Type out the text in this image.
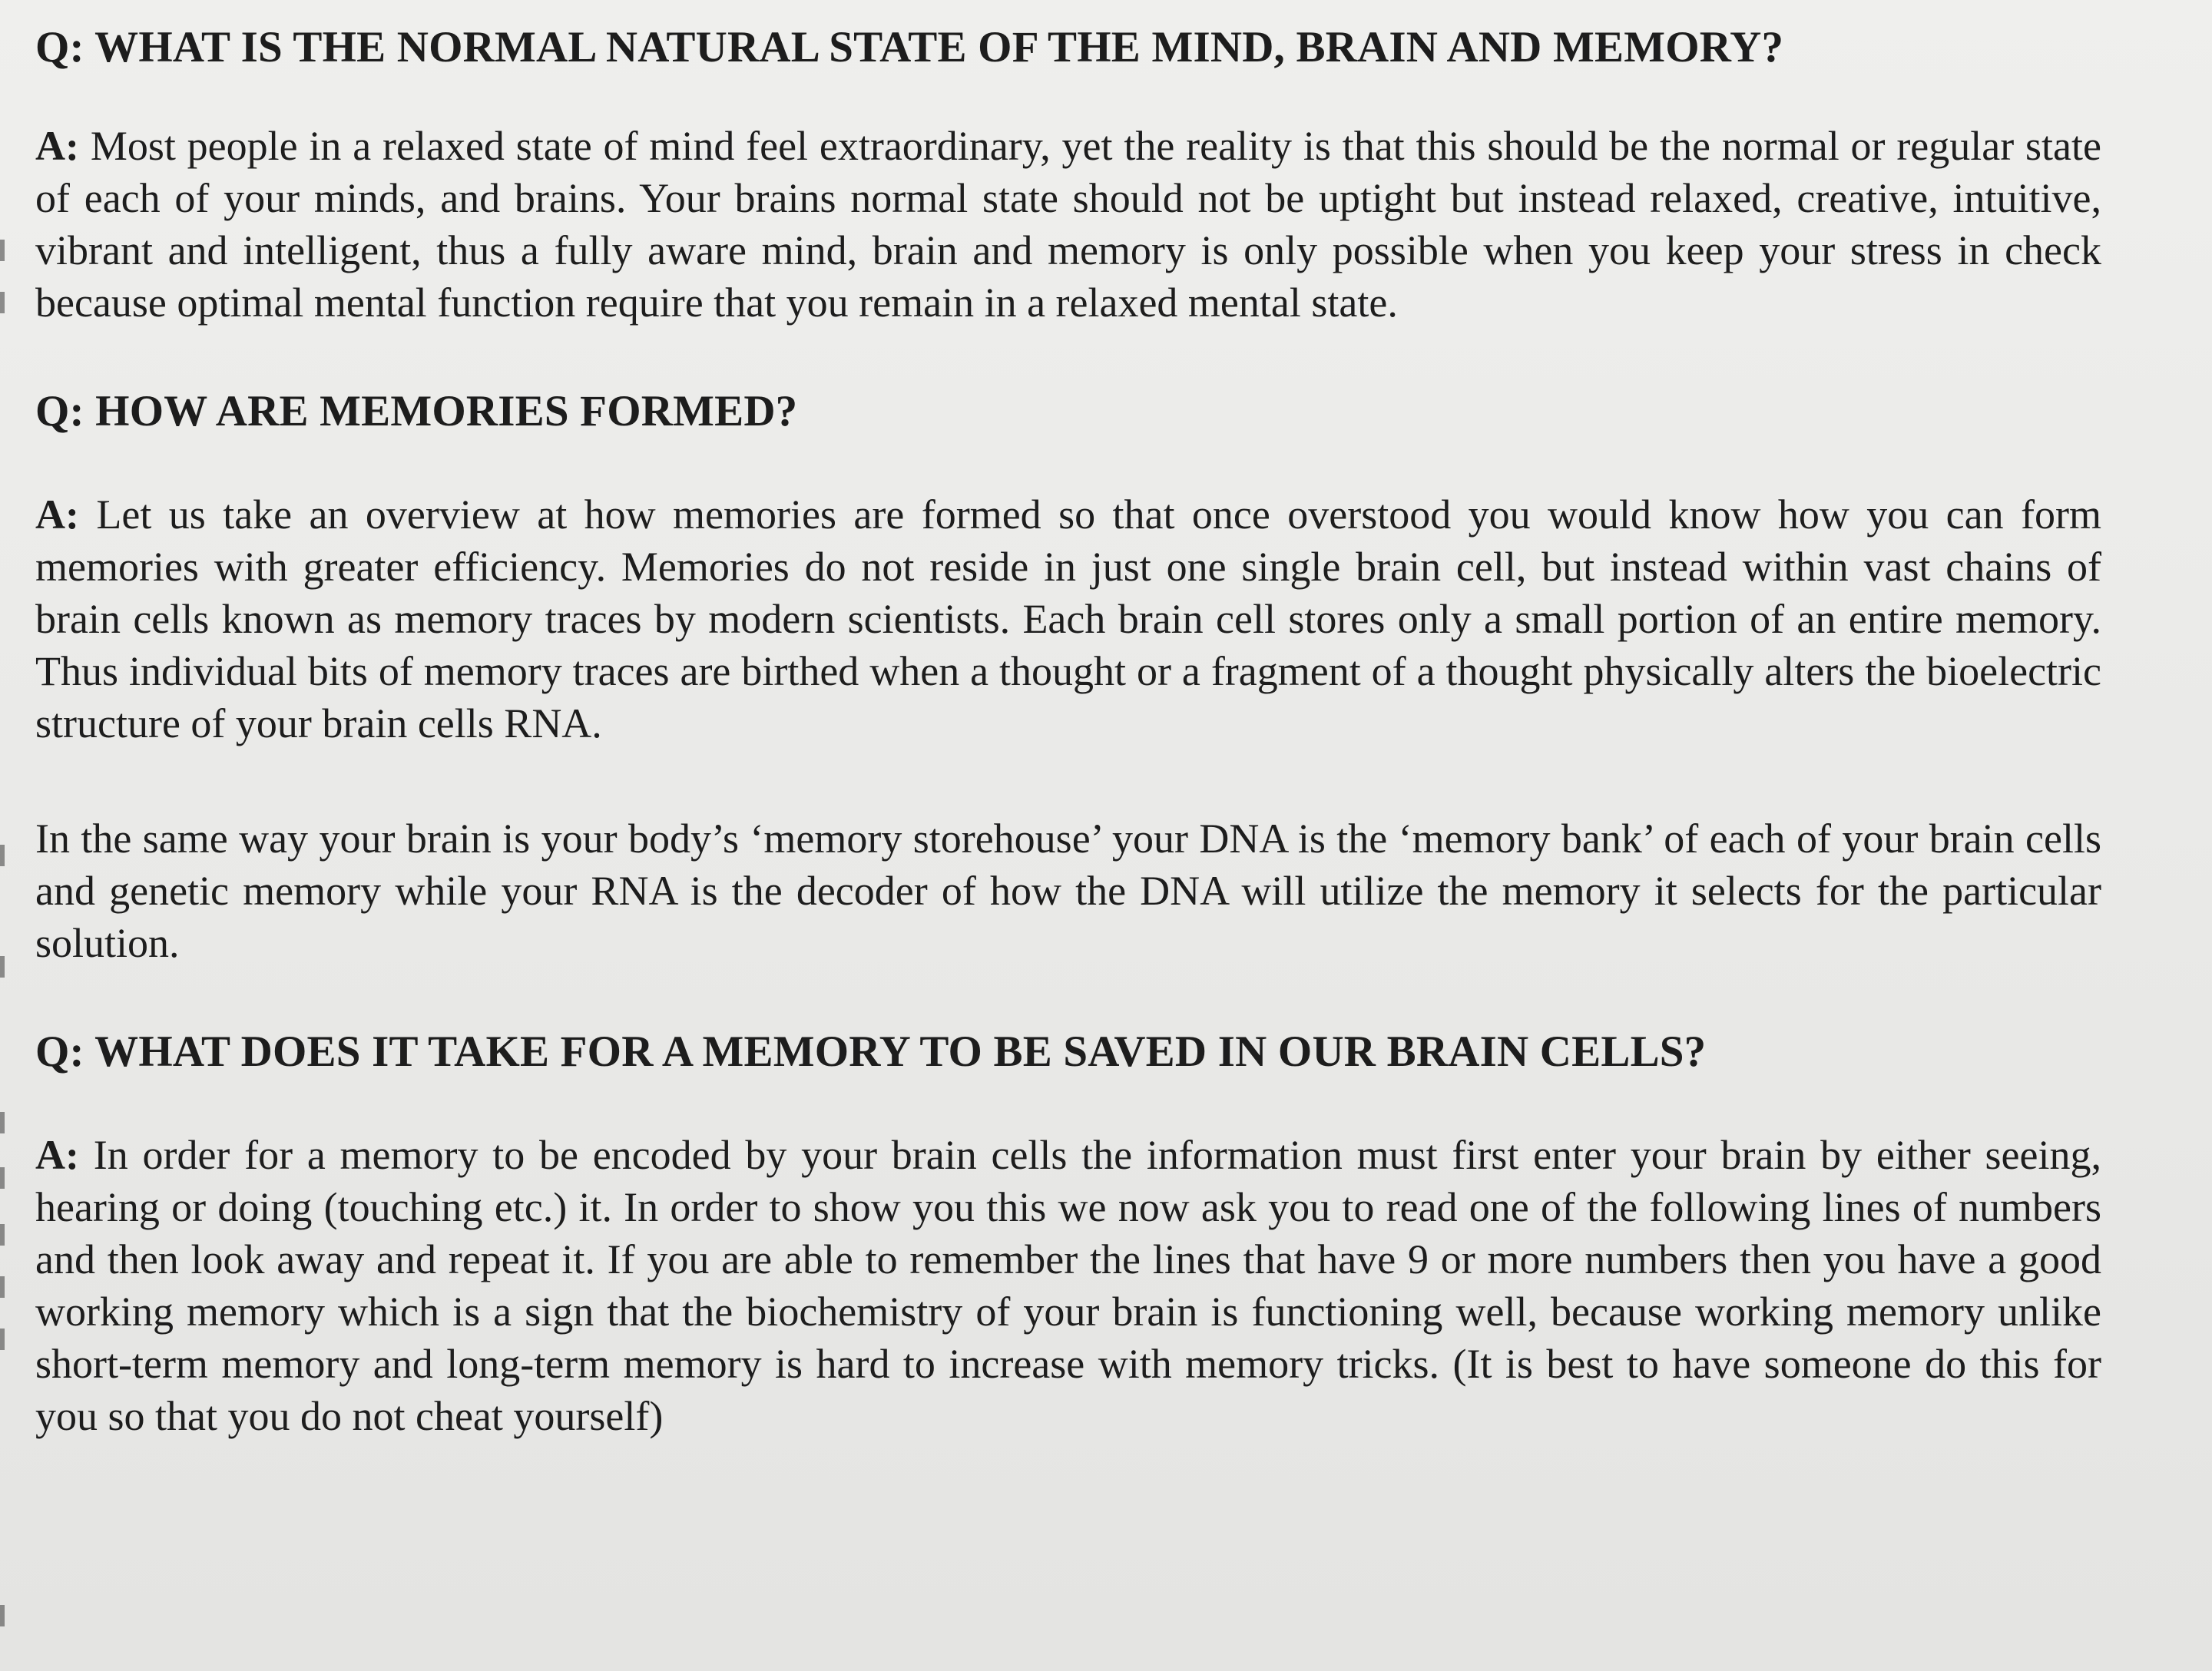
Q: WHAT IS THE NORMAL NATURAL STATE OF THE MIND, BRAIN AND MEMORY?

A: Most people in a relaxed state of mind feel extraordinary, yet the reality is that this should be the normal or regular state of each of your minds, and brains. Your brains normal state should not be uptight but instead relaxed, creative, intuitive, vibrant and intelligent, thus a fully aware mind, brain and memory is only possible when you keep your stress in check because optimal mental function require that you remain in a relaxed mental state.

Q: HOW ARE MEMORIES FORMED?

A: Let us take an overview at how memories are formed so that once overstood you would know how you can form memories with greater efficiency. Memories do not reside in just one single brain cell, but instead within vast chains of brain cells known as memory traces by modern scientists. Each brain cell stores only a small portion of an entire memory. Thus individual bits of memory traces are birthed when a thought or a fragment of a thought physically alters the bioelectric structure of your brain cells RNA.

In the same way your brain is your body’s ‘memory storehouse’ your DNA is the ‘memory bank’ of each of your brain cells and genetic memory while your RNA is the decoder of how the DNA will utilize the memory it selects for the particular solution.

Q: WHAT DOES IT TAKE FOR A MEMORY TO BE SAVED IN OUR BRAIN CELLS?

A: In order for a memory to be encoded by your brain cells the information must first enter your brain by either seeing, hearing or doing (touching etc.) it. In order to show you this we now ask you to read one of the following lines of numbers and then look away and repeat it. If you are able to remember the lines that have 9 or more numbers then you have a good working memory which is a sign that the biochemistry of your brain is functioning well, because working memory unlike short-term memory and long-term memory is hard to increase with memory tricks. (It is best to have someone do this for you so that you do not cheat yourself)
